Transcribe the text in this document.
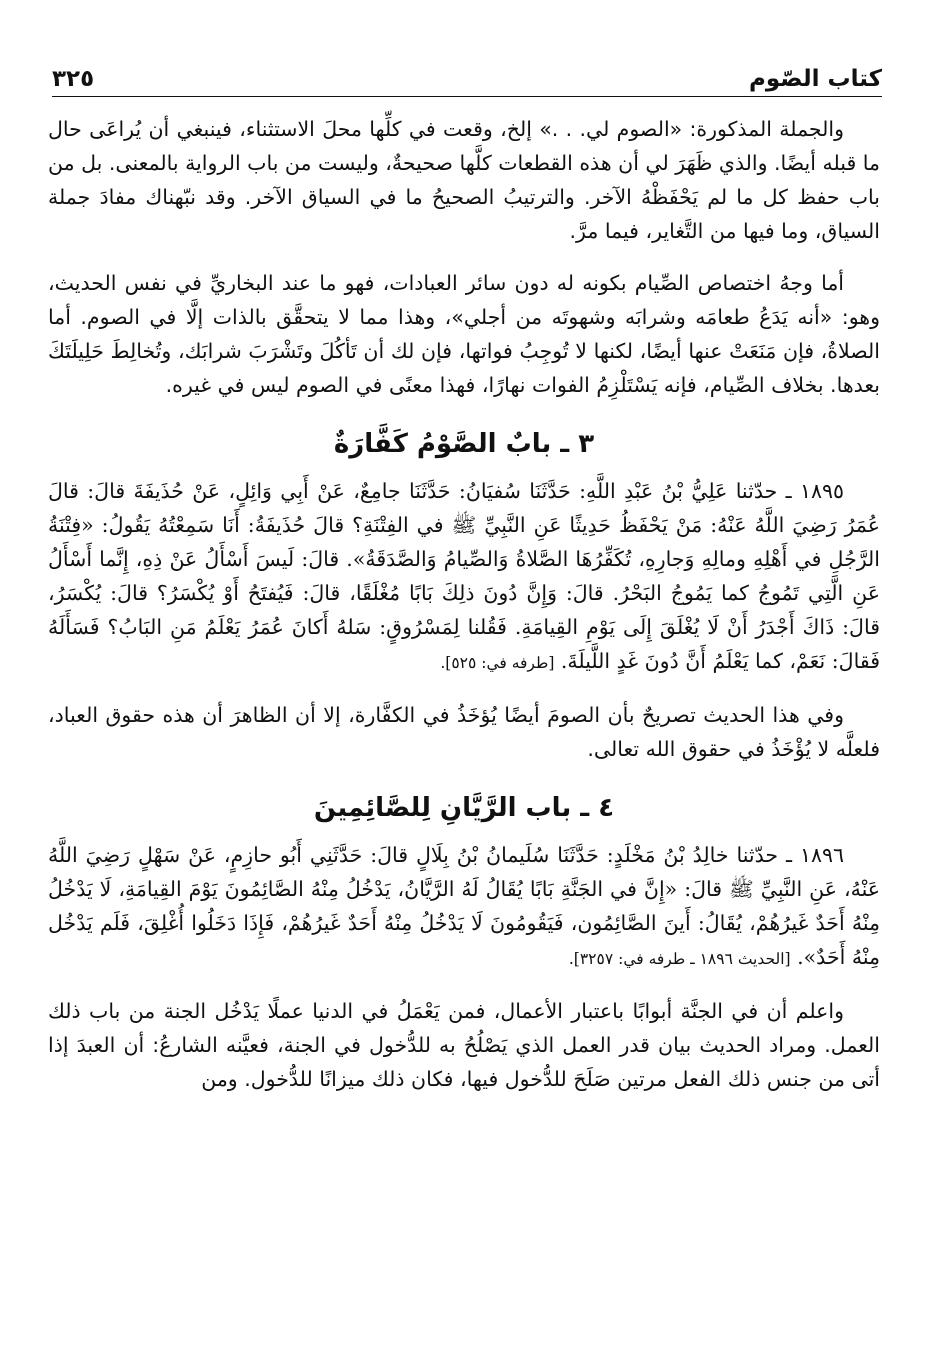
كتاب الصّوم
٣٢٥

والجملة المذكورة: «الصوم لي. . .» إلخ، وقعت في كلِّها محلَ الاستثناء، فينبغي أن يُراعَى حال ما قبله أيضًا. والذي ظَهَرَ لي أن هذه القطعات كلَّها صحيحةٌ، وليست من باب الرواية بالمعنى. بل من باب حفظ كل ما لم يَحْفَظْهُ الآخر. والترتيبُ الصحيحُ ما في السياق الآخر. وقد نبّهناك مفادَ جملة السياق، وما فيها من التَّغاير، فيما مرَّ.

أما وجهُ اختصاص الصِّيام بكونه له دون سائر العبادات، فهو ما عند البخاريِّ في نفس الحديث، وهو: «أنه يَدَعُ طعامَه وشرابَه وشهوتَه من أجلي»، وهذا مما لا يتحقَّق بالذات إلَّا في الصوم. أما الصلاةُ، فإن مَنَعَتْ عنها أيضًا، لكنها لا تُوجِبُ فواتها، فإن لك أن تَأكُلَ وتَشْرَبَ شرابَك، وتُخالِطَ حَلِيلَتَكَ بعدها. بخلاف الصِّيام، فإنه يَسْتَلْزِمُ الفوات نهارًا، فهذا معنًى في الصوم ليس في غيره.

٣ ـ بابٌ الصَّوْمُ كَفَّارَةٌ

١٨٩٥ ـ حدّثنا عَلِيُّ بْنُ عَبْدِ اللَّهِ: حَدَّثَنَا سُفيَانُ: حَدَّثَنَا جامِعٌ، عَنْ أَبِي وَائِلٍ، عَنْ حُذَيفَةَ قالَ: قالَ عُمَرُ رَضِيَ اللَّهُ عَنْهُ: مَنْ يَحْفَظُ حَدِيثًا عَنِ النَّبِيِّ ﷺ في الفِتْنَةِ؟ قالَ حُذَيفَةُ: أَنَا سَمِعْتُهُ يَقُولُ: «فِتْنَةُ الرَّجُلِ في أَهْلِهِ ومالِهِ وَجارِهِ، تُكَفِّرُهَا الصَّلاةُ وَالصِّيامُ وَالصَّدَقَةُ». قالَ: لَيسَ أَسْأَلُ عَنْ ذِهِ، إِنَّما أَسْأَلُ عَنِ الَّتِي تَمُوجُ كما يَمُوجُ البَحْرُ. قالَ: وَإِنَّ دُونَ ذلِكَ بَابًا مُغْلَقًا، قالَ: فَيُفتَحُ أَوْ يُكْسَرُ؟ قالَ: يُكْسَرُ، قالَ: ذَاكَ أَجْدَرُ أَنْ لَا يُغْلَقَ إِلَى يَوْمِ القِيامَةِ. فَقُلنا لِمَسْرُوقٍ: سَلهُ أَكانَ عُمَرُ يَعْلَمُ مَنِ البَابُ؟ فَسَأَلَهُ فَقالَ: نَعَمْ، كما يَعْلَمُ أَنَّ دُونَ غَدٍ اللَّيلَةَ. [طرفه في: ٥٢٥].

وفي هذا الحديث تصريحٌ بأن الصومَ أيضًا يُؤخَذُ في الكفَّارة، إلا أن الظاهرَ أن هذه حقوق العباد، فلعلَّه لا يُؤْخَذُ في حقوق الله تعالى.

٤ ـ باب الرَّيَّانِ لِلصَّائِمِينَ

١٨٩٦ ـ حدّثنا خالِدُ بْنُ مَخْلَدٍ: حَدَّثَنَا سُلَيمانُ بْنُ بِلَالٍ قالَ: حَدَّثَنِي أَبُو حازِمٍ، عَنْ سَهْلٍ رَضِيَ اللَّهُ عَنْهُ، عَنِ النَّبِيِّ ﷺ قالَ: «إِنَّ في الجَنَّةِ بَابًا يُقَالُ لَهُ الرَّيَّانُ، يَدْخُلُ مِنْهُ الصَّائِمُونَ يَوْمَ القِيامَةِ، لَا يَدْخُلُ مِنْهُ أَحَدٌ غَيرُهُمْ، يُقَالُ: أَينَ الصَّائِمُون، فَيَقُومُونَ لَا يَدْخُلُ مِنْهُ أَحَدٌ غَيرُهُمْ، فَإِذَا دَخَلُوا أُغْلِقَ، فَلَم يَدْخُل مِنْهُ أَحَدٌ». [الحديث ١٨٩٦ ـ طرفه في: ٣٢٥٧].

واعلم أن في الجنَّة أبوابًا باعتبار الأعمال، فمن يَعْمَلُ في الدنيا عملًا يَدْخُل الجنة من باب ذلك العمل. ومراد الحديث بيان قدر العمل الذي يَصْلُحُ به للدُّخول في الجنة، فعيَّنه الشارعُ: أن العبدَ إذا أتى من جنس ذلك الفعل مرتين صَلَحَ للدُّخول فيها، فكان ذلك ميزانًا للدُّخول. ومن
